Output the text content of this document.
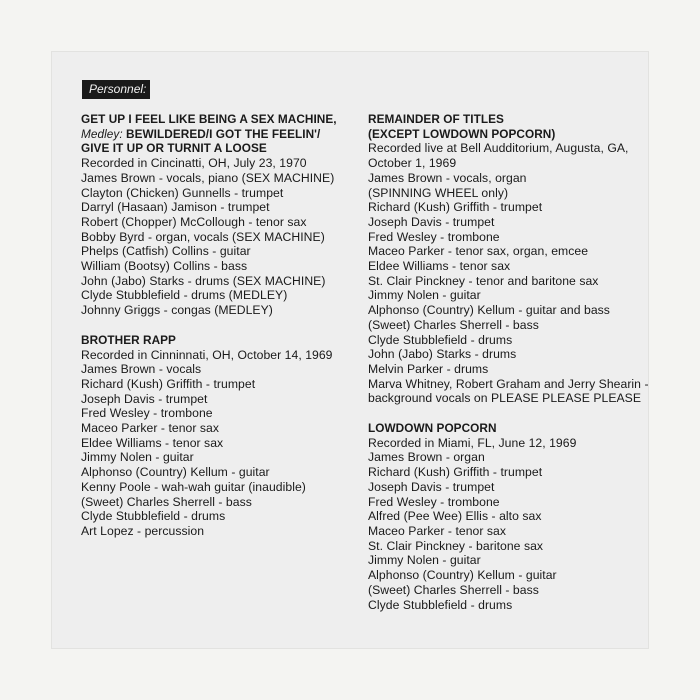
Personnel:
GET UP I FEEL LIKE BEING A SEX MACHINE,
Medley: BEWILDERED/I GOT THE FEELIN'/
GIVE IT UP OR TURNIT A LOOSE
Recorded in Cincinatti, OH, July 23, 1970
James Brown - vocals, piano (SEX MACHINE)
Clayton (Chicken) Gunnells - trumpet
Darryl (Hasaan) Jamison - trumpet
Robert (Chopper) McCollough - tenor sax
Bobby Byrd - organ, vocals (SEX MACHINE)
Phelps (Catfish) Collins - guitar
William (Bootsy) Collins - bass
John (Jabo) Starks - drums (SEX MACHINE)
Clyde Stubblefield - drums (MEDLEY)
Johnny Griggs - congas (MEDLEY)
BROTHER RAPP
Recorded in Cinninnati, OH, October 14, 1969
James Brown - vocals
Richard (Kush) Griffith - trumpet
Joseph Davis - trumpet
Fred Wesley - trombone
Maceo Parker - tenor sax
Eldee Williams - tenor sax
Jimmy Nolen - guitar
Alphonso (Country) Kellum - guitar
Kenny Poole - wah-wah guitar (inaudible)
(Sweet) Charles Sherrell - bass
Clyde Stubblefield - drums
Art Lopez - percussion
REMAINDER OF TITLES
(EXCEPT LOWDOWN POPCORN)
Recorded live at Bell Audditorium, Augusta, GA,
October 1, 1969
James Brown - vocals, organ
(SPINNING WHEEL only)
Richard (Kush) Griffith - trumpet
Joseph Davis - trumpet
Fred Wesley - trombone
Maceo Parker - tenor sax, organ, emcee
Eldee Williams - tenor sax
St. Clair Pinckney - tenor and baritone sax
Jimmy Nolen - guitar
Alphonso (Country) Kellum - guitar and bass
(Sweet) Charles Sherrell - bass
Clyde Stubblefield - drums
John (Jabo) Starks - drums
Melvin Parker - drums
Marva Whitney, Robert Graham and Jerry Shearin -
background vocals on PLEASE PLEASE PLEASE
LOWDOWN POPCORN
Recorded in Miami, FL, June 12, 1969
James Brown - organ
Richard (Kush) Griffith - trumpet
Joseph Davis - trumpet
Fred Wesley - trombone
Alfred (Pee Wee) Ellis - alto sax
Maceo Parker - tenor sax
St. Clair Pinckney - baritone sax
Jimmy Nolen - guitar
Alphonso (Country) Kellum - guitar
(Sweet) Charles Sherrell - bass
Clyde Stubblefield - drums
